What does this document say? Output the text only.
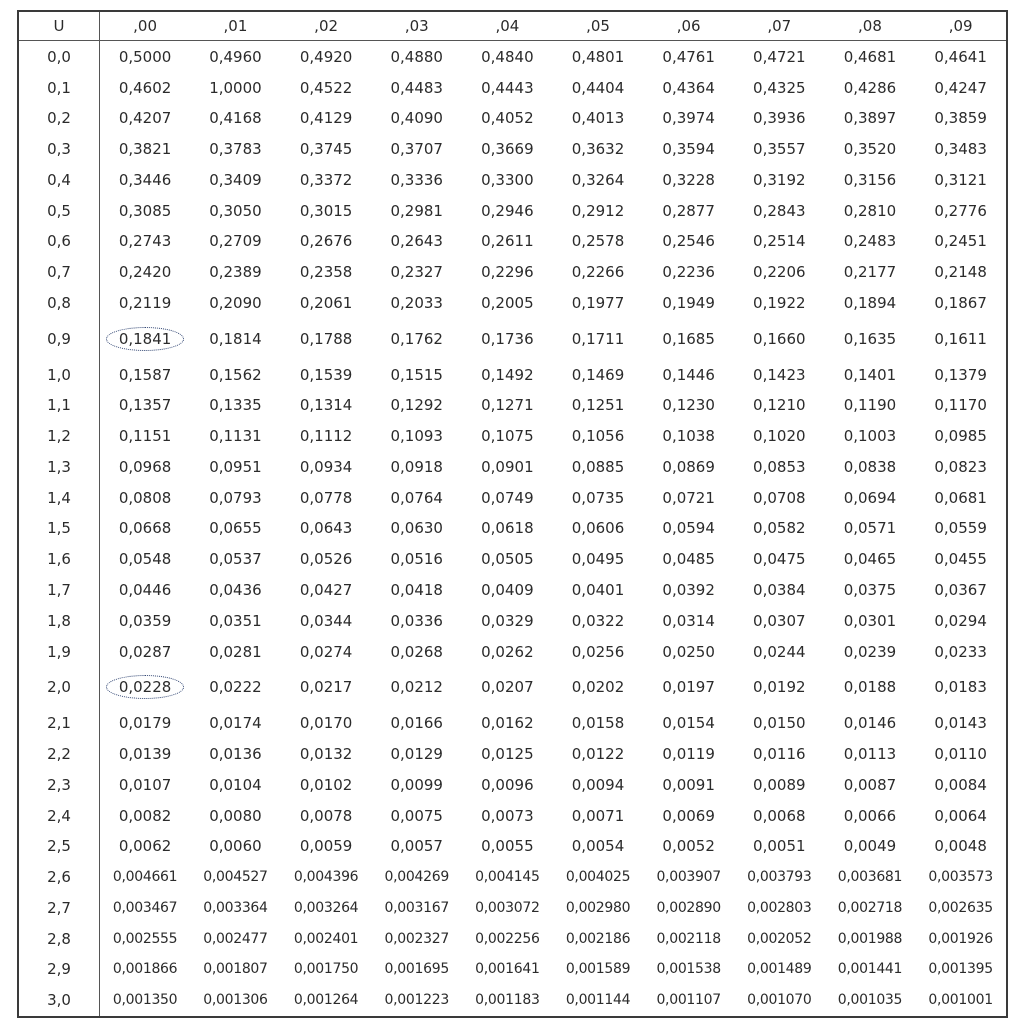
U	,00	,01	,02	,03	,04	,05	,06	,07	,08	,09
0,0	0,5000	0,4960	0,4920	0,4880	0,4840	0,4801	0,4761	0,4721	0,4681	0,4641
0,1	0,4602	1,0000	0,4522	0,4483	0,4443	0,4404	0,4364	0,4325	0,4286	0,4247
0,2	0,4207	0,4168	0,4129	0,4090	0,4052	0,4013	0,3974	0,3936	0,3897	0,3859
0,3	0,3821	0,3783	0,3745	0,3707	0,3669	0,3632	0,3594	0,3557	0,3520	0,3483
0,4	0,3446	0,3409	0,3372	0,3336	0,3300	0,3264	0,3228	0,3192	0,3156	0,3121
0,5	0,3085	0,3050	0,3015	0,2981	0,2946	0,2912	0,2877	0,2843	0,2810	0,2776
0,6	0,2743	0,2709	0,2676	0,2643	0,2611	0,2578	0,2546	0,2514	0,2483	0,2451
0,7	0,2420	0,2389	0,2358	0,2327	0,2296	0,2266	0,2236	0,2206	0,2177	0,2148
0,8	0,2119	0,2090	0,2061	0,2033	0,2005	0,1977	0,1949	0,1922	0,1894	0,1867
0,9	0,1841	0,1814	0,1788	0,1762	0,1736	0,1711	0,1685	0,1660	0,1635	0,1611
1,0	0,1587	0,1562	0,1539	0,1515	0,1492	0,1469	0,1446	0,1423	0,1401	0,1379
1,1	0,1357	0,1335	0,1314	0,1292	0,1271	0,1251	0,1230	0,1210	0,1190	0,1170
1,2	0,1151	0,1131	0,1112	0,1093	0,1075	0,1056	0,1038	0,1020	0,1003	0,0985
1,3	0,0968	0,0951	0,0934	0,0918	0,0901	0,0885	0,0869	0,0853	0,0838	0,0823
1,4	0,0808	0,0793	0,0778	0,0764	0,0749	0,0735	0,0721	0,0708	0,0694	0,0681
1,5	0,0668	0,0655	0,0643	0,0630	0,0618	0,0606	0,0594	0,0582	0,0571	0,0559
1,6	0,0548	0,0537	0,0526	0,0516	0,0505	0,0495	0,0485	0,0475	0,0465	0,0455
1,7	0,0446	0,0436	0,0427	0,0418	0,0409	0,0401	0,0392	0,0384	0,0375	0,0367
1,8	0,0359	0,0351	0,0344	0,0336	0,0329	0,0322	0,0314	0,0307	0,0301	0,0294
1,9	0,0287	0,0281	0,0274	0,0268	0,0262	0,0256	0,0250	0,0244	0,0239	0,0233
2,0	0,0228	0,0222	0,0217	0,0212	0,0207	0,0202	0,0197	0,0192	0,0188	0,0183
2,1	0,0179	0,0174	0,0170	0,0166	0,0162	0,0158	0,0154	0,0150	0,0146	0,0143
2,2	0,0139	0,0136	0,0132	0,0129	0,0125	0,0122	0,0119	0,0116	0,0113	0,0110
2,3	0,0107	0,0104	0,0102	0,0099	0,0096	0,0094	0,0091	0,0089	0,0087	0,0084
2,4	0,0082	0,0080	0,0078	0,0075	0,0073	0,0071	0,0069	0,0068	0,0066	0,0064
2,5	0,0062	0,0060	0,0059	0,0057	0,0055	0,0054	0,0052	0,0051	0,0049	0,0048
2,6	0,004661	0,004527	0,004396	0,004269	0,004145	0,004025	0,003907	0,003793	0,003681	0,003573
2,7	0,003467	0,003364	0,003264	0,003167	0,003072	0,002980	0,002890	0,002803	0,002718	0,002635
2,8	0,002555	0,002477	0,002401	0,002327	0,002256	0,002186	0,002118	0,002052	0,001988	0,001926
2,9	0,001866	0,001807	0,001750	0,001695	0,001641	0,001589	0,001538	0,001489	0,001441	0,001395
3,0	0,001350	0,001306	0,001264	0,001223	0,001183	0,001144	0,001107	0,001070	0,001035	0,001001
